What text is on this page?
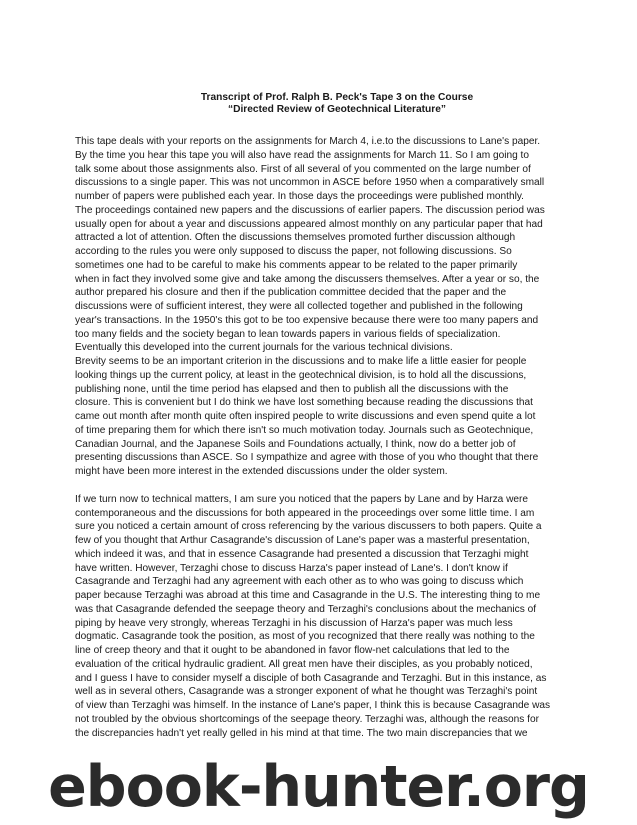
Transcript of Prof. Ralph B. Peck's Tape 3 on the Course
“Directed Review of Geotechnical Literature”
This tape deals with your reports on the assignments for March 4, i.e.to the discussions to Lane's paper.
By the time you hear this tape you will also have read the assignments for March 11. So I am going to
talk some about those assignments also. First of all several of you commented on the large number of
discussions to a single paper. This was not uncommon in ASCE before 1950 when a comparatively small
number of papers were published each year. In those days the proceedings were published monthly.
The proceedings contained new papers and the discussions of earlier papers. The discussion period was
usually open for about a year and discussions appeared almost monthly on any particular paper that had
attracted a lot of attention. Often the discussions themselves promoted further discussion although
according to the rules you were only supposed to discuss the paper, not following discussions. So
sometimes one had to be careful to make his comments appear to be related to the paper primarily
when in fact they involved some give and take among the discussers themselves. After a year or so, the
author prepared his closure and then if the publication committee decided that the paper and the
discussions were of sufficient interest, they were all collected together and published in the following
year's transactions. In the 1950's this got to be too expensive because there were too many papers and
too many fields and the society began to lean towards papers in various fields of specialization.
Eventually this developed into the current journals for the various technical divisions.
Brevity seems to be an important criterion in the discussions and to make life a little easier for people
looking things up the current policy, at least in the geotechnical division, is to hold all the discussions,
publishing none, until the time period has elapsed and then to publish all the discussions with the
closure. This is convenient but I do think we have lost something because reading the discussions that
came out month after month quite often inspired people to write discussions and even spend quite a lot
of time preparing them for which there isn't so much motivation today. Journals such as Geotechnique,
Canadian Journal, and the Japanese Soils and Foundations actually, I think, now do a better job of
presenting discussions than ASCE. So I sympathize and agree with those of you who thought that there
might have been more interest in the extended discussions under the older system.
If we turn now to technical matters, I am sure you noticed that the papers by Lane and by Harza were
contemporaneous and the discussions for both appeared in the proceedings over some little time. I am
sure you noticed a certain amount of cross referencing by the various discussers to both papers. Quite a
few of you thought that Arthur Casagrande's discussion of Lane's paper was a masterful presentation,
which indeed it was, and that in essence Casagrande had presented a discussion that Terzaghi might
have written. However, Terzaghi chose to discuss Harza's paper instead of Lane's. I don't know if
Casagrande and Terzaghi had any agreement with each other as to who was going to discuss which
paper because Terzaghi was abroad at this time and Casagrande in the U.S. The interesting thing to me
was that Casagrande defended the seepage theory and Terzaghi's conclusions about the mechanics of
piping by heave very strongly, whereas Terzaghi in his discussion of Harza's paper was much less
dogmatic. Casagrande took the position, as most of you recognized that there really was nothing to the
line of creep theory and that it ought to be abandoned in favor flow-net calculations that led to the
evaluation of the critical hydraulic gradient. All great men have their disciples, as you probably noticed,
and I guess I have to consider myself a disciple of both Casagrande and Terzaghi. But in this instance, as
well as in several others, Casagrande was a stronger exponent of what he thought was Terzaghi's point
of view than Terzaghi was himself. In the instance of Lane's paper, I think this is because Casagrande was
not troubled by the obvious shortcomings of the seepage theory. Terzaghi was, although the reasons for
the discrepancies hadn't yet really gelled in his mind at that time. The two main discrepancies that we
ebook-hunter.org
